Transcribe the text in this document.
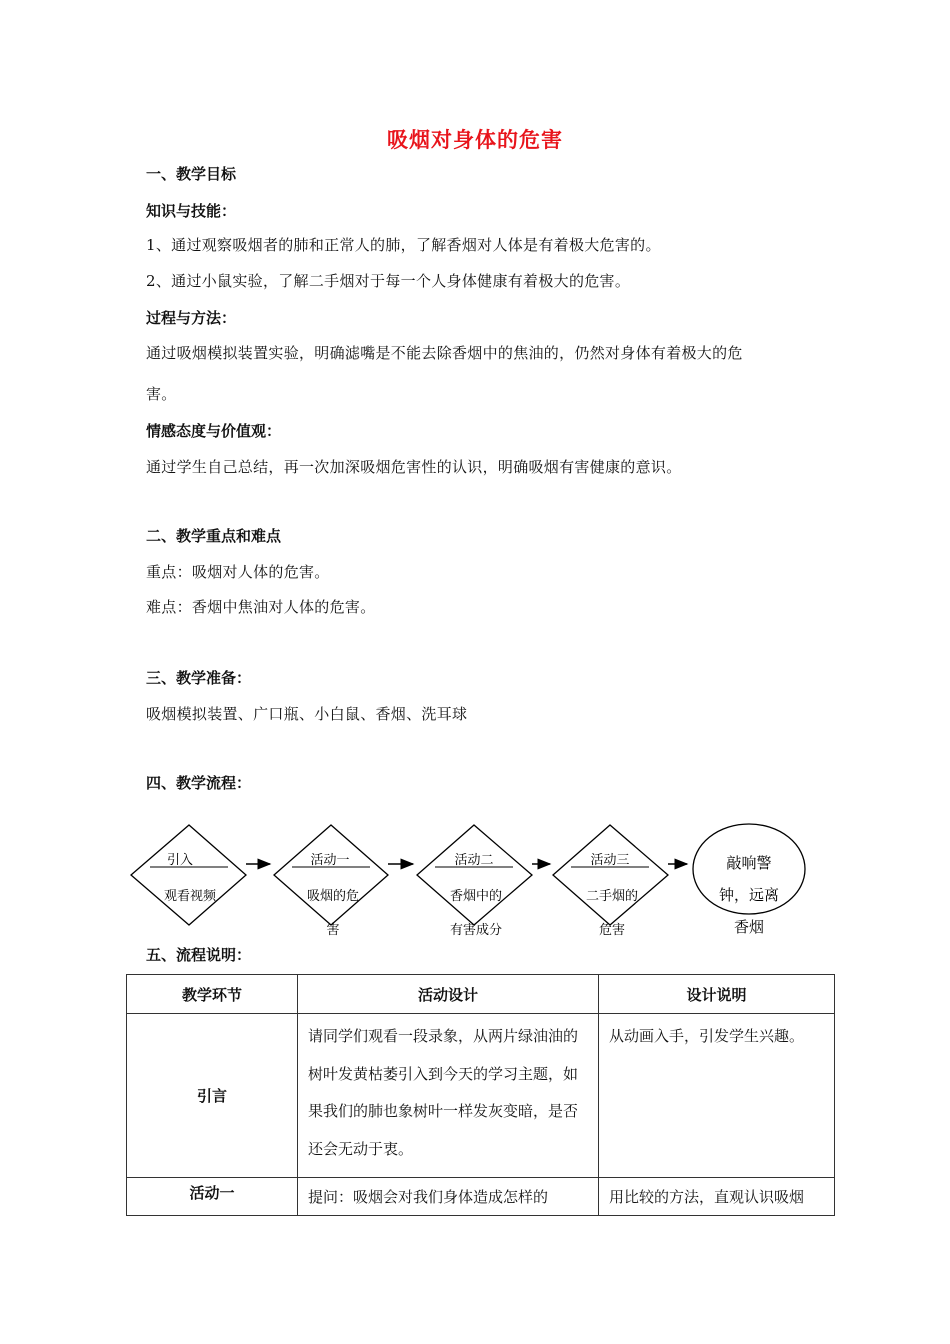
吸烟对身体的危害
一、教学目标
知识与技能：
1、通过观察吸烟者的肺和正常人的肺，了解香烟对人体是有着极大危害的。
2、通过小鼠实验，了解二手烟对于每一个人身体健康有着极大的危害。
过程与方法：
通过吸烟模拟装置实验，明确滤嘴是不能去除香烟中的焦油的，仍然对身体有着极大的危
害。
情感态度与价值观：
通过学生自己总结，再一次加深吸烟危害性的认识，明确吸烟有害健康的意识。
二、教学重点和难点
重点：吸烟对人体的危害。
难点：香烟中焦油对人体的危害。
三、教学准备：
吸烟模拟装置、广口瓶、小白鼠、香烟、洗耳球
四、教学流程：
引入
观看视频
活动一
吸烟的危
害
活动二
香烟中的
有害成分
活动三
二手烟的
危害
敲响警
钟，远离
香烟
五、流程说明：
教学环节	活动设计	设计说明
引言	请同学们观看一段录象，从两片绿油油的树叶发黄枯萎引入到今天的学习主题，如果我们的肺也象树叶一样发灰变暗，是否还会无动于衷。	从动画入手，引发学生兴趣。

活动一	提问：吸烟会对我们身体造成怎样的	用比较的方法，直观认识吸烟
